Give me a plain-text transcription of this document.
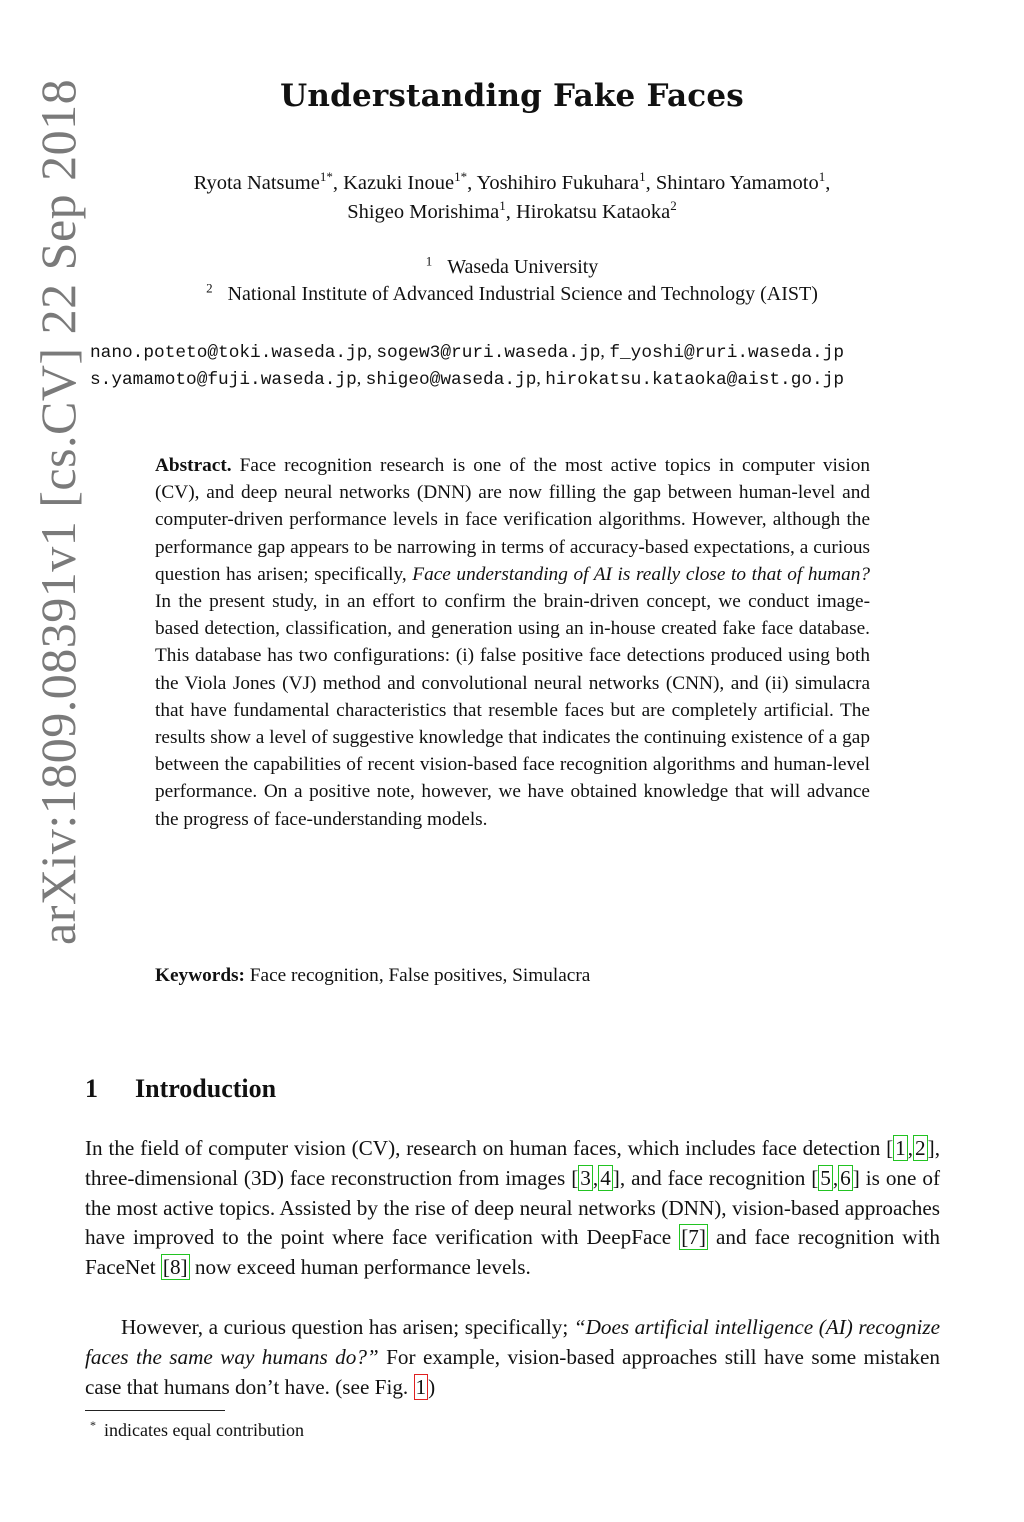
arXiv:1809.08391v1 [cs.CV] 22 Sep 2018	Understanding Fake Faces
Ryota Natsume$^{1*}$, Kazuki Inoue$^{1*}$, Yoshihiro Fukuhara$^1$, Shintaro Yamamoto$^1$,
Shigeo Morishima$^1$, Hirokatsu Kataoka$^2$
$^1$ Waseda University
$^2$ National Institute of Advanced Industrial Science and Technology (AIST)
nano.poteto@toki.waseda.jp, sogew3@ruri.waseda.jp, f_yoshi@ruri.waseda.jp
s.yamamoto@fuji.waseda.jp, shigeo@waseda.jp, hirokatsu.kataoka@aist.go.jp
Abstract. Face recognition research is one of the most active topics in computer vision (CV), and deep neural networks (DNN) are now filling the gap between human-level and computer-driven performance levels in face verification algorithms. However, although the performance gap appears to be narrowing in terms of accuracy-based expectations, a curious question has arisen; specifically, Face understanding of AI is really close to that of human? In the present study, in an effort to confirm the brain-driven concept, we conduct image-based detection, classification, and generation using an in-house created fake face database. This database has two configurations: (i) false positive face detections produced using both the Viola Jones (VJ) method and convolutional neural networks (CNN), and (ii) simulacra that have fundamental characteristics that resemble faces but are completely artificial. The results show a level of suggestive knowledge that indicates the continuing existence of a gap between the capabilities of recent vision-based face recognition algorithms and human-level performance. On a positive note, however, we have obtained knowledge that will advance the progress of face-understanding models.
Keywords: Face recognition, False positives, Simulacra
1 Introduction
In the field of computer vision (CV), research on human faces, which includes face detection [1,2], three-dimensional (3D) face reconstruction from images [3,4], and face recognition [5,6] is one of the most active topics. Assisted by the rise of deep neural networks (DNN), vision-based approaches have improved to the point where face verification with DeepFace [7] and face recognition with FaceNet [8] now exceed human performance levels.
However, a curious question has arisen; specifically; “Does artificial intelligence (AI) recognize faces the same way humans do?” For example, vision-based approaches still have some mistaken case that humans don’t have. (see Fig. 1)
* indicates equal contribution
